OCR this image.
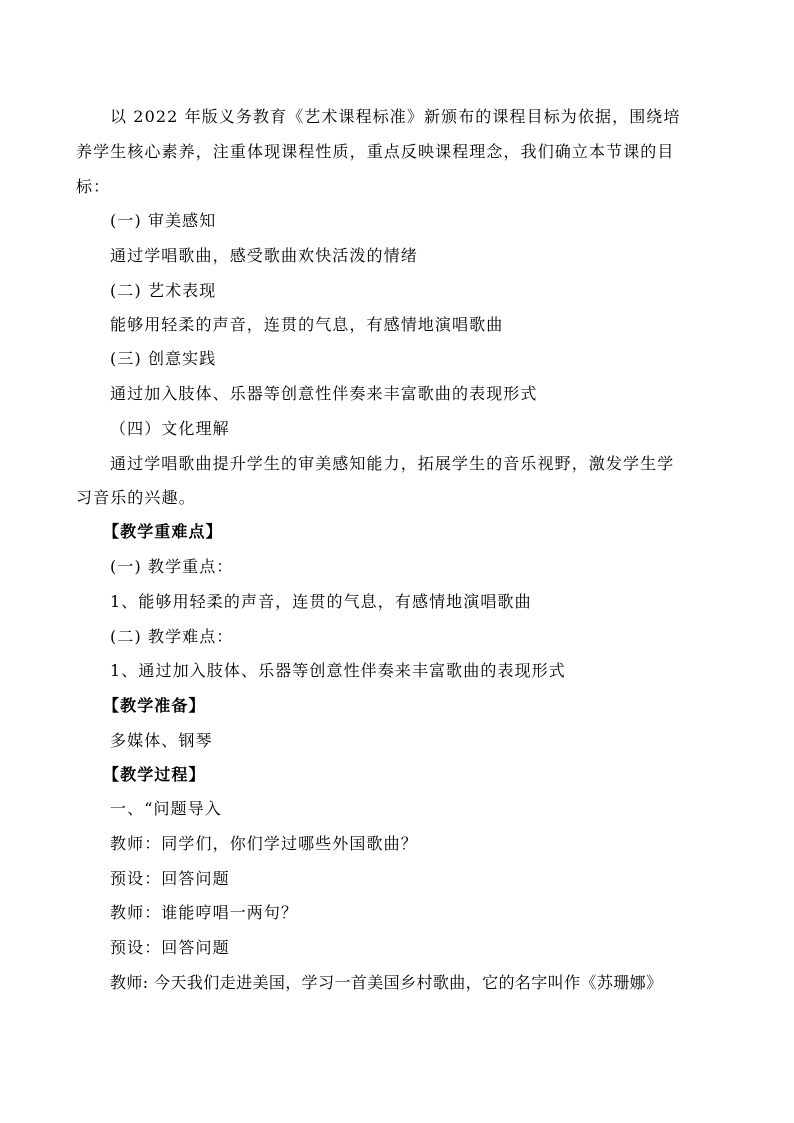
以 2022 年版义务教育《艺术课程标准》新颁布的课程目标为依据，围绕培
养学生核心素养，注重体现课程性质，重点反映课程理念，我们确立本节课的目
标：
(一) 审美感知
通过学唱歌曲，感受歌曲欢快活泼的情绪
(二) 艺术表现
能够用轻柔的声音，连贯的气息，有感情地演唱歌曲
(三) 创意实践
通过加入肢体、乐器等创意性伴奏来丰富歌曲的表现形式
（四）文化理解
通过学唱歌曲提升学生的审美感知能力，拓展学生的音乐视野，激发学生学
习音乐的兴趣。
【教学重难点】
(一) 教学重点：
1、能够用轻柔的声音，连贯的气息，有感情地演唱歌曲
(二) 教学难点：
1、通过加入肢体、乐器等创意性伴奏来丰富歌曲的表现形式
【教学准备】
多媒体、钢琴
【教学过程】
一、“问题导入
教师：同学们，你们学过哪些外国歌曲？
预设：回答问题
教师：谁能哼唱一两句？
预设：回答问题
教师: 今天我们走进美国，学习一首美国乡村歌曲，它的名字叫作《苏珊娜》
